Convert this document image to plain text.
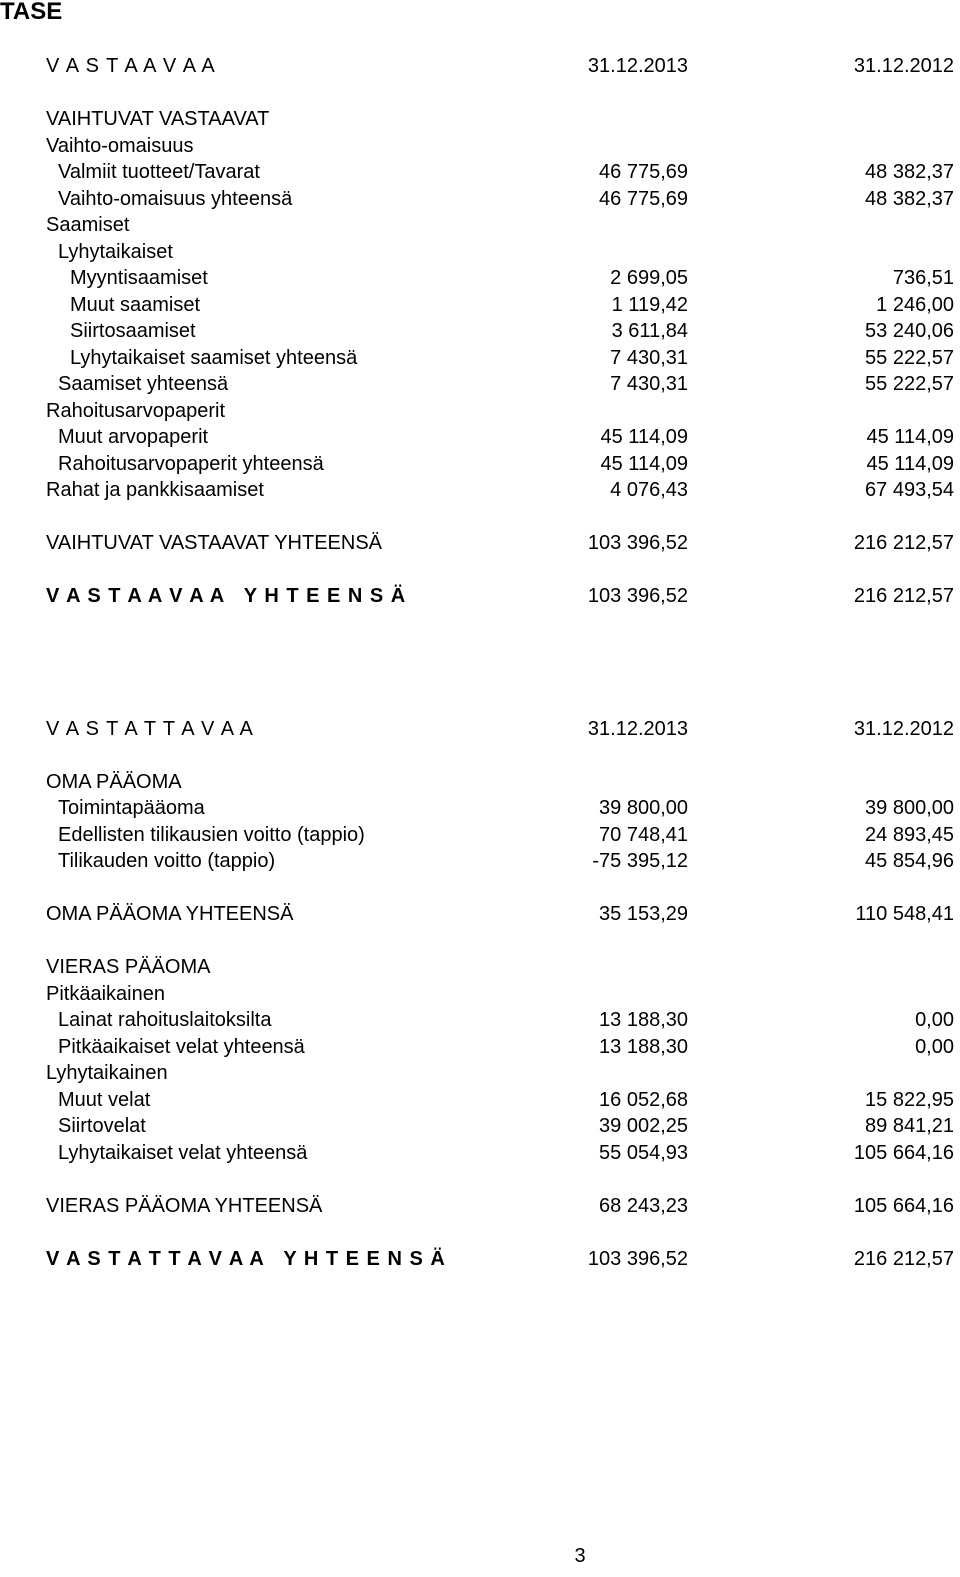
TASE
V A S T A A V A A	31.12.2013	31.12.2012
VAIHTUVAT VASTAAVAT
Vaihto-omaisuus
Valmiit tuotteet/Tavarat	46 775,69	48 382,37
Vaihto-omaisuus yhteensä	46 775,69	48 382,37
Saamiset
Lyhytaikaiset
Myyntisaamiset	2 699,05	736,51
Muut saamiset	1 119,42	1 246,00
Siirtosaamiset	3 611,84	53 240,06
Lyhytaikaiset saamiset yhteensä	7 430,31	55 222,57
Saamiset yhteensä	7 430,31	55 222,57
Rahoitusarvopaperit
Muut arvopaperit	45 114,09	45 114,09
Rahoitusarvopaperit yhteensä	45 114,09	45 114,09
Rahat ja pankkisaamiset	4 076,43	67 493,54
VAIHTUVAT VASTAAVAT YHTEENSÄ	103 396,52	216 212,57
V A S T A A V A A   Y H T E E N S Ä	103 396,52	216 212,57
V A S T A T T A V A A	31.12.2013	31.12.2012
OMA PÄÄOMA
Toimintapääoma	39 800,00	39 800,00
Edellisten tilikausien voitto (tappio)	70 748,41	24 893,45
Tilikauden voitto (tappio)	-75 395,12	45 854,96
OMA PÄÄOMA YHTEENSÄ	35 153,29	110 548,41
VIERAS PÄÄOMA
Pitkäaikainen
Lainat rahoituslaitoksilta	13 188,30	0,00
Pitkäaikaiset velat yhteensä	13 188,30	0,00
Lyhytaikainen
Muut velat	16 052,68	15 822,95
Siirtovelat	39 002,25	89 841,21
Lyhytaikaiset velat yhteensä	55 054,93	105 664,16
VIERAS PÄÄOMA YHTEENSÄ	68 243,23	105 664,16
V A S T A T T A V A A   Y H T E E N S Ä	103 396,52	216 212,57
3
